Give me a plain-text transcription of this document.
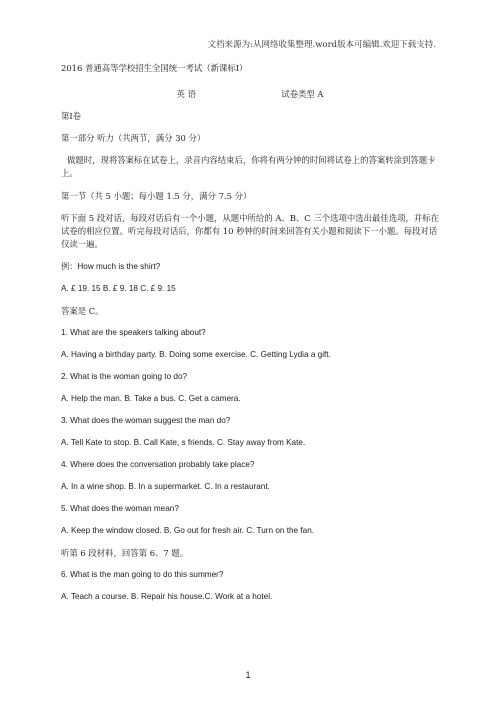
文档来源为:从网络收集整理.word版本可编辑.欢迎下载支持.
2016 普通高等学校招生全国统一考试（新课标Ⅰ）
英 语	试卷类型 A
第Ⅰ卷
第一部分 听力（共两节，满分 30 分）
做题时，现将答案标在试卷上，录音内容结束后，你将有两分钟的时间将试卷上的答案转涂到答题卡上。
第一节（共 5 小题；每小题 1.5 分，满分 7.5 分）
听下面 5 段对话，每段对话后有一个小题，从题中所给的 A、B、C 三个选项中选出最佳选项，并标在试卷的相应位置。听完每段对话后，你都有 10 秒钟的时间来回答有关小题和阅读下一小题。每段对话仅读一遍。
例：How much is the shirt?
A. £ 19. 15 B. £ 9. 18 C. £ 9. 15
答案是 C。
1. What are the speakers talking about?
A. Having a birthday party. B. Doing some exercise. C. Getting Lydia a gift.
2. What is the woman going to do?
A. Help the man. B. Take a bus. C. Get a camera.
3. What does the woman suggest the man do?
A. Tell Kate to stop. B. Call Kate, s friends. C. Stay away from Kate.
4. Where does the conversation probably take place?
A. In a wine shop. B. In a supermarket. C. In a restaurant.
5. What does the woman mean?
A. Keep the window closed. B. Go out for fresh air. C. Turn on the fan.
听第 6 段材料，回答第 6、7 题。
6. What is the man going to do this summer?
A. Teach a course. B. Repair his house.C. Work at a hotel.
1
